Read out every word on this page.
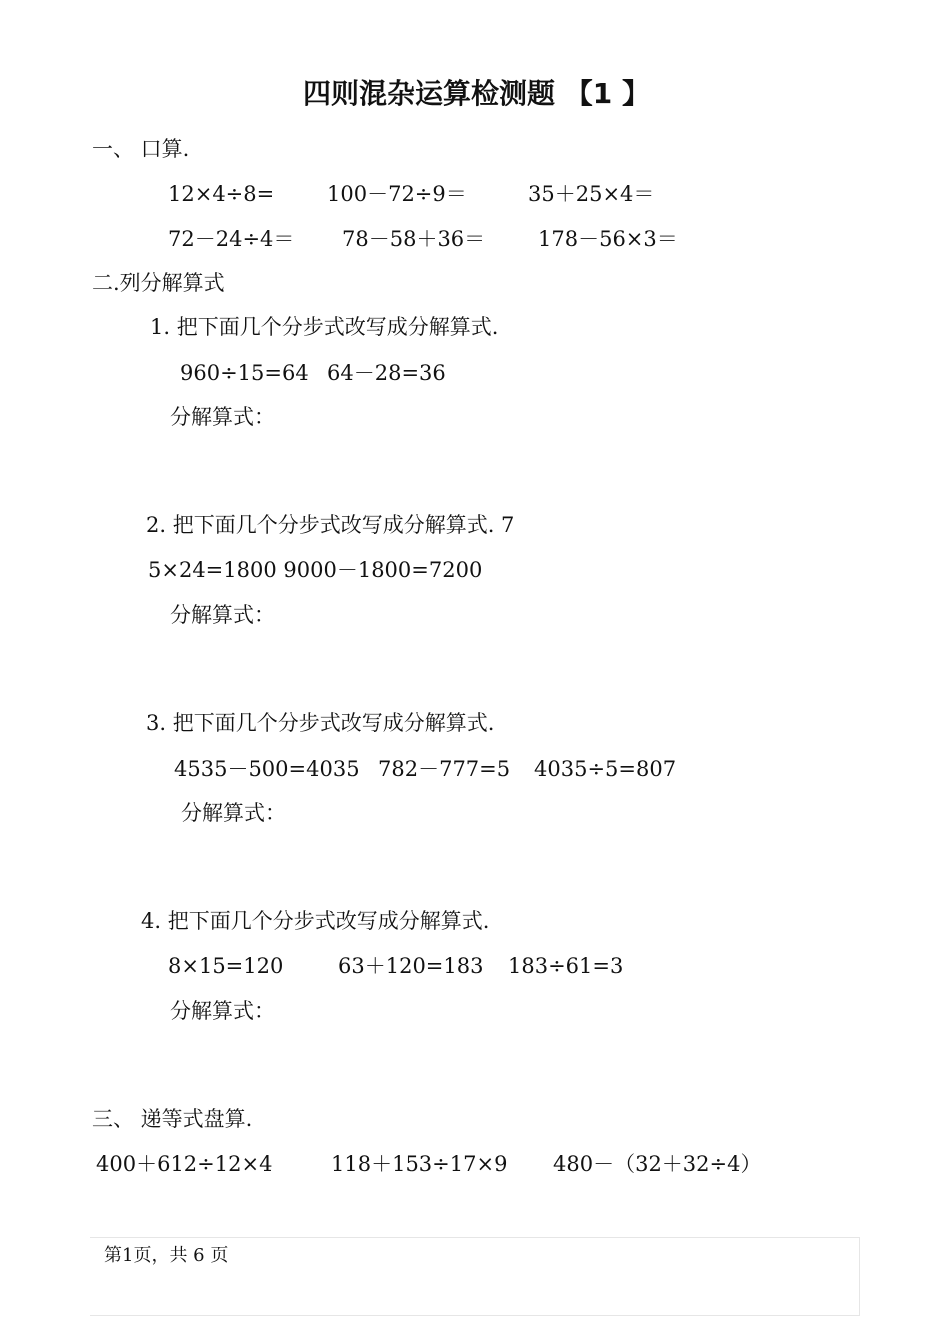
四则混杂运算检测题 【1 】
一、 口算.
12×4÷8=	100－72÷9＝	35＋25×4＝
72－24÷4＝ 78－58＋36＝	178－56×3＝
二.列分解算式
1. 把下面几个分步式改写成分解算式.
960÷15=64 64－28=36
分解算式：
2. 把下面几个分步式改写成分解算式. 7
5×24=1800 9000－1800=7200
分解算式：
3. 把下面几个分步式改写成分解算式.
4535－500=4035 782－777=5 4035÷5=807
分解算式：
4. 把下面几个分步式改写成分解算式.
8×15=120	63＋120=183 183÷61=3
分解算式：
三、 递等式盘算.
400＋612÷12×4	118＋153÷17×9 480－（32＋32÷4）
第1页，共 6 页
